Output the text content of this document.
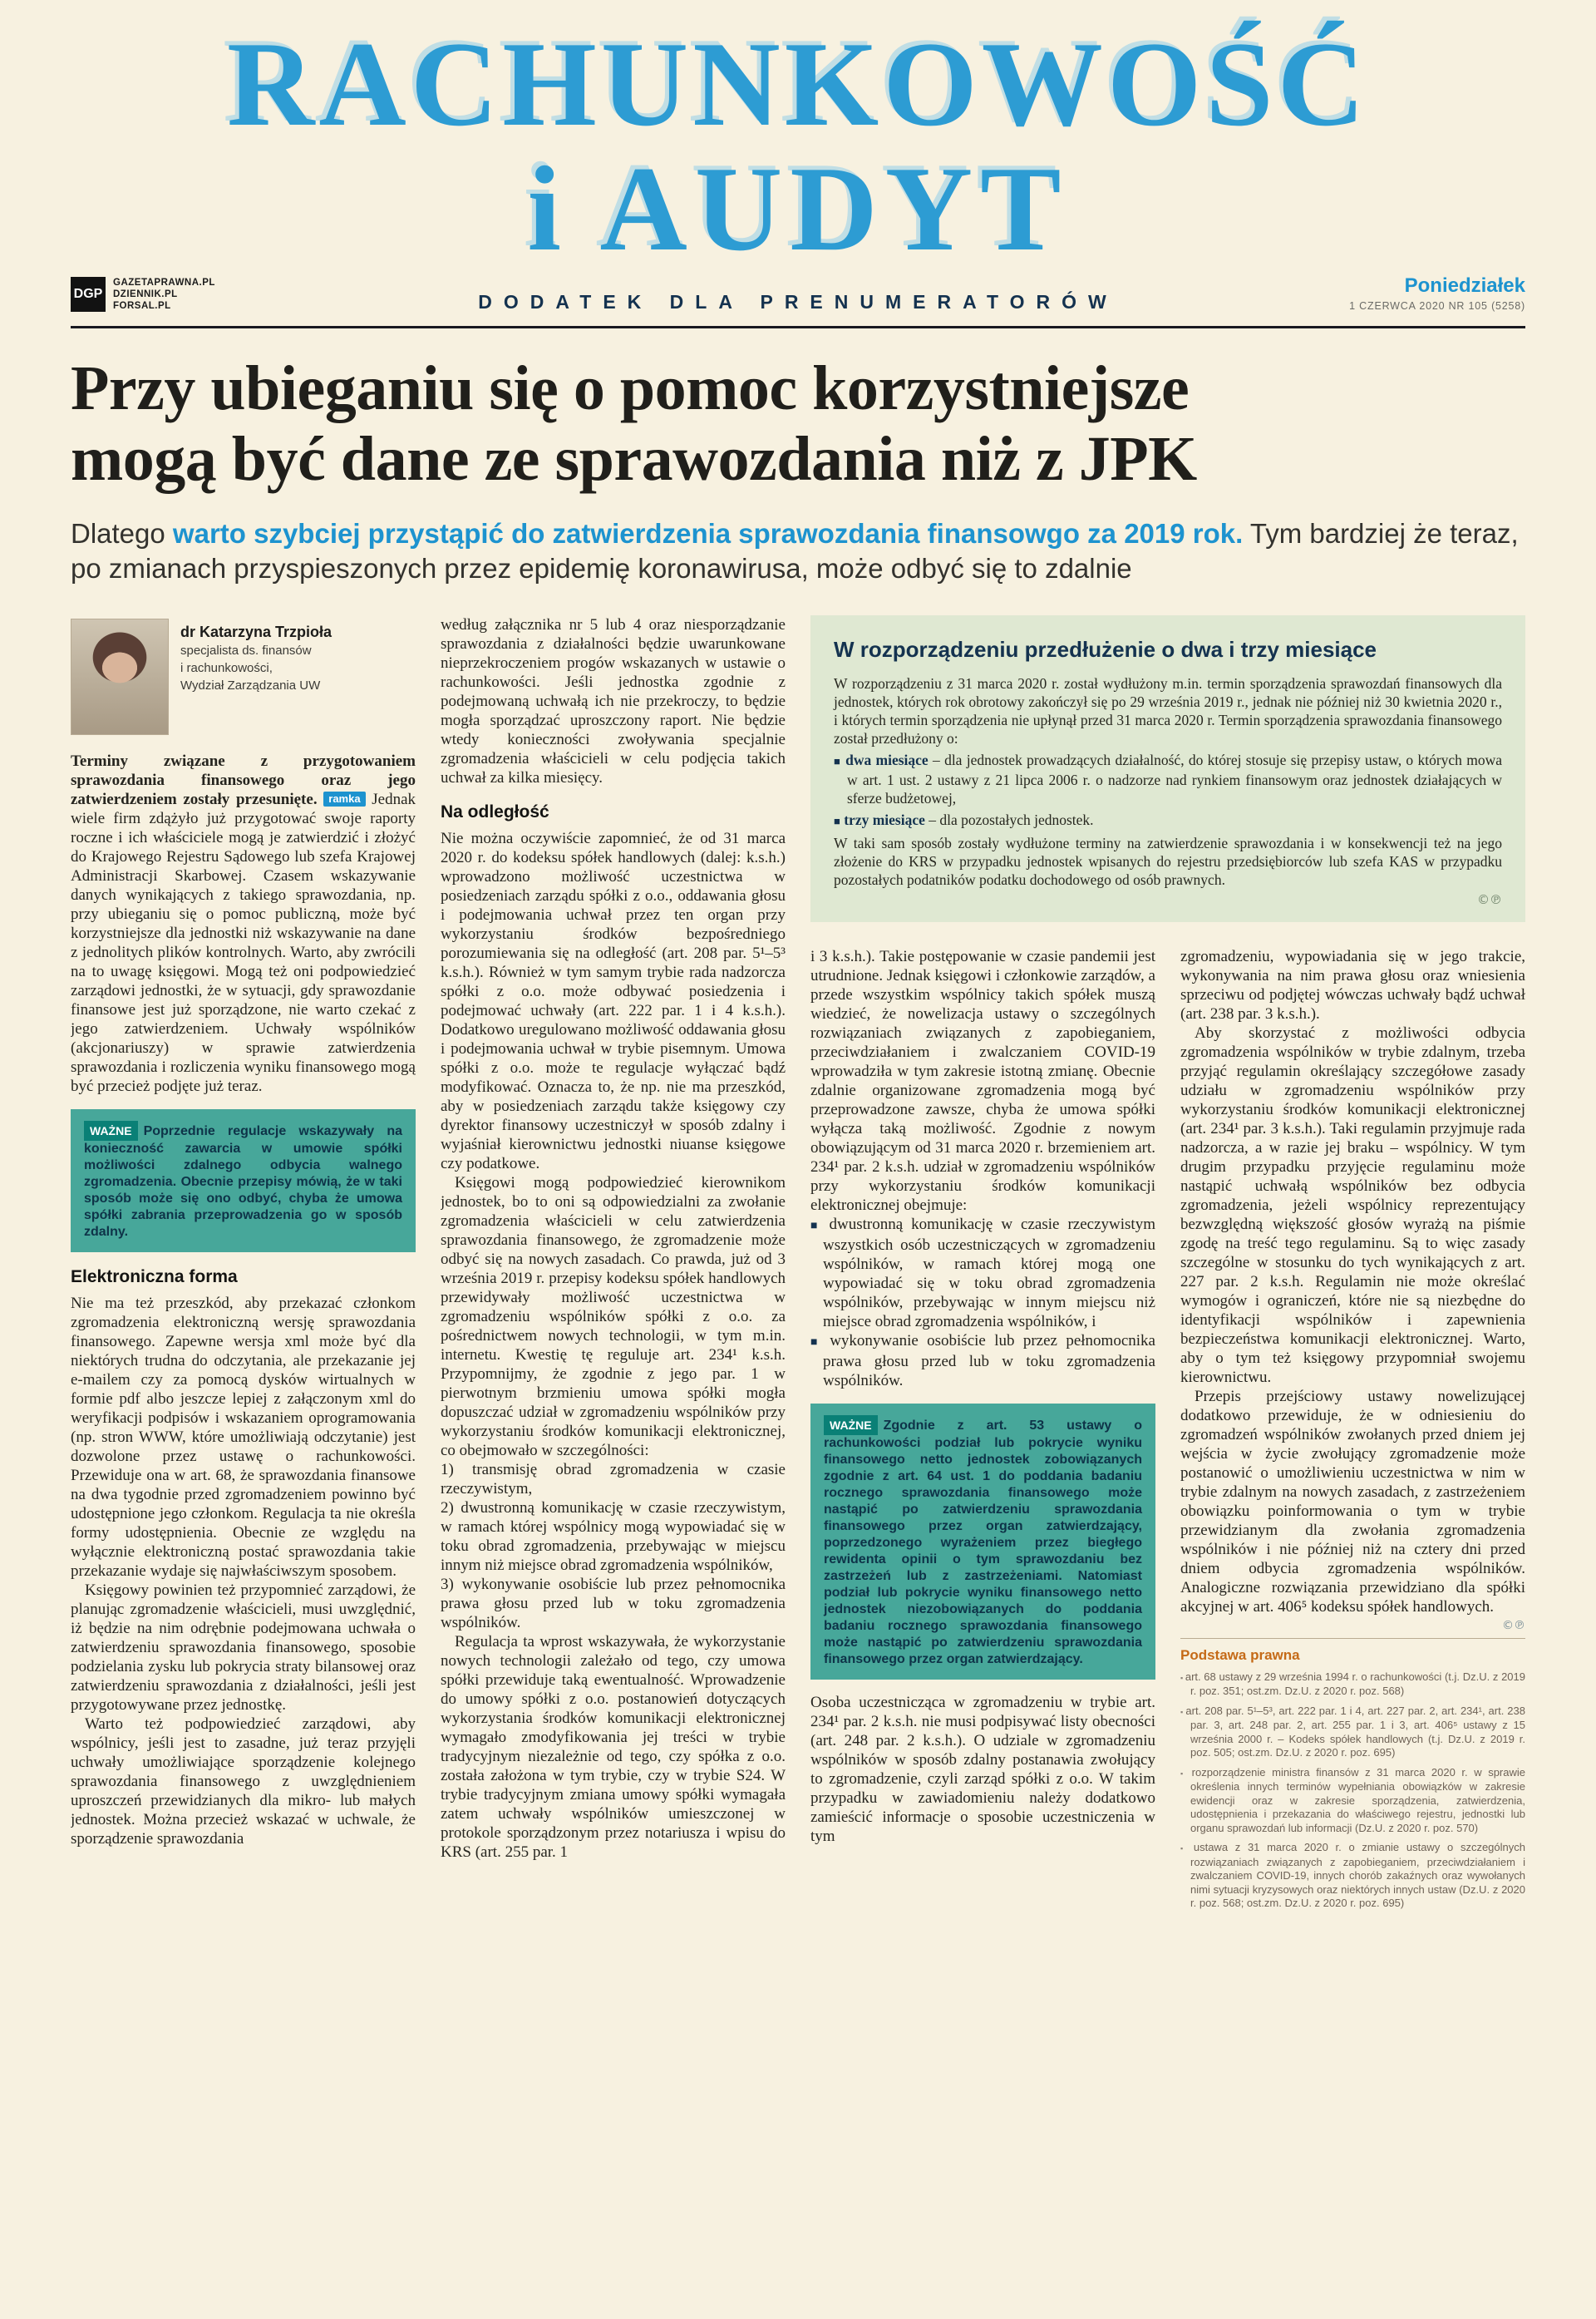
RACHUNKOWOŚĆ
i AUDYT
DODATEK DLA PRENUMERATORÓW
DGP
GAZETAPRAWNA.PL
DZIENNIK.PL
FORSAL.PL
Poniedziałek
1 CZERWCA 2020 NR 105 (5258)
Przy ubieganiu się o pomoc korzystniejsze
mogą być dane ze sprawozdania niż z JPK

Dlatego warto szybciej przystąpić do zatwierdzenia sprawozdania finansowgo za 2019 rok. Tym bardziej że teraz, po zmianach przyspieszonych przez epidemię koronawirusa, może odbyć się to zdalnie

dr Katarzyna Trzpioła
specjalista ds. finansów
i rachunkowości,
Wydział Zarządzania UW

Terminy związane z przygotowaniem sprawozdania finansowego oraz jego zatwierdzeniem zostały przesunięte. ramka Jednak wiele firm zdążyło już przygotować swoje raporty roczne i ich właściciele mogą je zatwierdzić i złożyć do Krajowego Rejestru Sądowego lub szefa Krajowej Administracji Skarbowej. Czasem wskazywanie danych wynikających z takiego sprawozdania, np. przy ubieganiu się o pomoc publiczną, może być korzystniejsze dla jednostki niż wskazywanie na dane z jednolitych plików kontrolnych. Warto, aby zwrócili na to uwagę księgowi. Mogą też oni podpowiedzieć zarządowi jednostki, że w sytuacji, gdy sprawozdanie finansowe jest już sporządzone, nie warto czekać z jego zatwierdzeniem. Uchwały wspólników (akcjonariuszy) w sprawie zatwierdzenia sprawozdania i rozliczenia wyniku finansowego mogą być przecież podjęte już teraz.

WAŻNE Poprzednie regulacje wskazywały na konieczność zawarcia w umowie spółki możliwości zdalnego odbycia walnego zgromadzenia. Obecnie przepisy mówią, że w taki sposób może się ono odbyć, chyba że umowa spółki zabrania przeprowadzenia go w sposób zdalny.
Elektroniczna forma

Nie ma też przeszkód, aby przekazać członkom zgromadzenia elektroniczną wersję sprawozdania finansowego. Zapewne wersja xml może być dla niektórych trudna do odczytania, ale przekazanie jej e-mailem czy za pomocą dysków wirtualnych w formie pdf albo jeszcze lepiej z załączonym xml do weryfikacji podpisów i wskazaniem oprogramowania (np. stron WWW, które umożliwiają odczytanie) jest dozwolone przez ustawę o rachunkowości. Przewiduje ona w art. 68, że sprawozdania finansowe na dwa tygodnie przed zgromadzeniem powinno być udostępnione jego członkom. Regulacja ta nie określa formy udostępnienia. Obecnie ze względu na wyłącznie elektroniczną postać sprawozdania takie przekazanie wydaje się najwłaściwszym sposobem.

Księgowy powinien też przypomnieć zarządowi, że planując zgromadzenie właścicieli, musi uwzględnić, iż będzie na nim odrębnie podejmowana uchwała o zatwierdzeniu sprawozdania finansowego, sposobie podzielania zysku lub pokrycia straty bilansowej oraz zatwierdzeniu sprawozdania z działalności, jeśli jest przygotowywane przez jednostkę.

Warto też podpowiedzieć zarządowi, aby wspólnicy, jeśli jest to zasadne, już teraz przyjęli uchwały umożliwiające sporządzenie kolejnego sprawozdania finansowego z uwzględnieniem uproszczeń przewidzianych dla mikro- lub małych jednostek. Można przecież wskazać w uchwale, że sporządzenie sprawozdania

według załącznika nr 5 lub 4 oraz niesporządzanie sprawozdania z działalności będzie uwarunkowane nieprzekroczeniem progów wskazanych w ustawie o rachunkowości. Jeśli jednostka zgodnie z podejmowaną uchwałą ich nie przekroczy, to będzie mogła sporządzać uproszczony raport. Nie będzie wtedy konieczności zwoływania specjalnie zgromadzenia właścicieli w celu podjęcia takich uchwał za kilka miesięcy.

Na odległość

Nie można oczywiście zapomnieć, że od 31 marca 2020 r. do kodeksu spółek handlowych (dalej: k.s.h.) wprowadzono możliwość uczestnictwa w posiedzeniach zarządu spółki z o.o., oddawania głosu i podejmowania uchwał przez ten organ przy wykorzystaniu środków bezpośredniego porozumiewania się na odległość (art. 208 par. 5¹–5³ k.s.h.). Również w tym samym trybie rada nadzorcza spółki z o.o. może odbywać posiedzenia i podejmować uchwały (art. 222 par. 1 i 4 k.s.h.). Dodatkowo uregulowano możliwość oddawania głosu i podejmowania uchwał w trybie pisemnym. Umowa spółki z o.o. może te regulacje wyłączać bądź modyfikować. Oznacza to, że np. nie ma przeszkód, aby w posiedzeniach zarządu także księgowy czy dyrektor finansowy uczestniczył w sposób zdalny i wyjaśniał kierownictwu jednostki niuanse księgowe czy podatkowe.

Księgowi mogą podpowiedzieć kierownikom jednostek, bo to oni są odpowiedzialni za zwołanie zgromadzenia właścicieli w celu zatwierdzenia sprawozdania finansowego, że zgromadzenie może odbyć się na nowych zasadach. Co prawda, już od 3 września 2019 r. przepisy kodeksu spółek handlowych przewidywały możliwość uczestnictwa w zgromadzeniu wspólników spółki z o.o. za pośrednictwem nowych technologii, w tym m.in. internetu. Kwestię tę reguluje art. 234¹ k.s.h. Przypomnijmy, że zgodnie z jego par. 1 w pierwotnym brzmieniu umowa spółki mogła dopuszczać udział w zgromadzeniu wspólników przy wykorzystaniu środków komunikacji elektronicznej, co obejmowało w szczególności:

1) transmisję obrad zgromadzenia w czasie rzeczywistym,

2) dwustronną komunikację w czasie rzeczywistym, w ramach której wspólnicy mogą wypowiadać się w toku obrad zgromadzenia, przebywając w miejscu innym niż miejsce obrad zgromadzenia wspólników,

3) wykonywanie osobiście lub przez pełnomocnika prawa głosu przed lub w toku zgromadzenia wspólników.

Regulacja ta wprost wskazywała, że wykorzystanie nowych technologii zależało od tego, czy umowa spółki przewiduje taką ewentualność. Wprowadzenie do umowy spółki z o.o. postanowień dotyczących wykorzystania środków komunikacji elektronicznej wymagało zmodyfikowania jej treści w trybie tradycyjnym niezależnie od tego, czy spółka z o.o. została założona w tym trybie, czy w trybie S24. W trybie tradycyjnym zmiana umowy spółki wymagała zatem uchwały wspólników umieszczonej w protokole sporządzonym przez notariusza i wpisu do KRS (art. 255 par. 1

W rozporządzeniu przedłużenie o dwa i trzy miesiące

W rozporządzeniu z 31 marca 2020 r. został wydłużony m.in. termin sporządzenia sprawozdań finansowych dla jednostek, których rok obrotowy zakończył się po 29 września 2019 r., jednak nie później niż 30 kwietnia 2020 r., i których termin sporządzenia nie upłynął przed 31 marca 2020 r. Termin sporządzenia sprawozdania finansowego został przedłużony o:

■ dwa miesiące – dla jednostek prowadzących działalność, do której stosuje się przepisy ustaw, o których mowa w art. 1 ust. 2 ustawy z 21 lipca 2006 r. o nadzorze nad rynkiem finansowym oraz jednostek działających w sferze budżetowej,

■ trzy miesiące – dla pozostałych jednostek.

W taki sam sposób zostały wydłużone terminy na zatwierdzenie sprawozdania i w konsekwencji też na jego złożenie do KRS w przypadku jednostek wpisanych do rejestru przedsiębiorców lub szefa KAS w przypadku pozostałych podatników podatku dochodowego od osób prawnych.

©℗

i 3 k.s.h.). Takie postępowanie w czasie pandemii jest utrudnione. Jednak księgowi i członkowie zarządów, a przede wszystkim wspólnicy takich spółek muszą wiedzieć, że nowelizacja ustawy o szczególnych rozwiązaniach związanych z zapobieganiem, przeciwdziałaniem i zwalczaniem COVID-19 wprowadziła w tym zakresie istotną zmianę. Obecnie zdalnie organizowane zgromadzenia mogą być przeprowadzone zawsze, chyba że umowa spółki wyłącza taką możliwość. Zgodnie z nowym obowiązującym od 31 marca 2020 r. brzemieniem art. 234¹ par. 2 k.s.h. udział w zgromadzeniu wspólników przy wykorzystaniu środków komunikacji elektronicznej obejmuje:

■ dwustronną komunikację w czasie rzeczywistym wszystkich osób uczestniczących w zgromadzeniu wspólników, w ramach której mogą one wypowiadać się w toku obrad zgromadzenia wspólników, przebywając w innym miejscu niż miejsce obrad zgromadzenia wspólników, i

■ wykonywanie osobiście lub przez pełnomocnika prawa głosu przed lub w toku zgromadzenia wspólników.

WAŻNE Zgodnie z art. 53 ustawy o rachunkowości podział lub pokrycie wyniku finansowego netto jednostek zobowiązanych zgodnie z art. 64 ust. 1 do poddania badaniu rocznego sprawozdania finansowego może nastąpić po zatwierdzeniu sprawozdania finansowego przez organ zatwierdzający, poprzedzonego wyrażeniem przez biegłego rewidenta opinii o tym sprawozdaniu bez zastrzeżeń lub z zastrzeżeniami. Natomiast podział lub pokrycie wyniku finansowego netto jednostek niezobowiązanych do poddania badaniu rocznego sprawozdania finansowego może nastąpić po zatwierdzeniu sprawozdania finansowego przez organ zatwierdzający.

Osoba uczestnicząca w zgromadzeniu w trybie art. 234¹ par. 2 k.s.h. nie musi podpisywać listy obecności (art. 248 par. 2 k.s.h.). O udziale w zgromadzeniu wspólników w sposób zdalny postanawia zwołujący to zgromadzenie, czyli zarząd spółki z o.o. W takim przypadku w zawiadomieniu należy dodatkowo zamieścić informacje o sposobie uczestniczenia w tym

zgromadzeniu, wypowiadania się w jego trakcie, wykonywania na nim prawa głosu oraz wniesienia sprzeciwu od podjętej wówczas uchwały bądź uchwał (art. 238 par. 3 k.s.h.).

Aby skorzystać z możliwości odbycia zgromadzenia wspólników w trybie zdalnym, trzeba przyjąć regulamin określający szczegółowe zasady udziału w zgromadzeniu wspólników przy wykorzystaniu środków komunikacji elektronicznej (art. 234¹ par. 3 k.s.h.). Taki regulamin przyjmuje rada nadzorcza, a w razie jej braku – wspólnicy. W tym drugim przypadku przyjęcie regulaminu może nastąpić uchwałą wspólników bez odbycia zgromadzenia, jeżeli wspólnicy reprezentujący bezwzględną większość głosów wyrażą na piśmie zgodę na treść tego regulaminu. Są to więc zasady szczególne w stosunku do tych wynikających z art. 227 par. 2 k.s.h. Regulamin nie może określać wymogów i ograniczeń, które nie są niezbędne do identyfikacji wspólników i zapewnienia bezpieczeństwa komunikacji elektronicznej. Warto, aby o tym też księgowy przypomniał swojemu kierownictwu.

Przepis przejściowy ustawy nowelizującej dodatkowo przewiduje, że w odniesieniu do zgromadzeń wspólników zwołanych przed dniem jej wejścia w życie zwołujący zgromadzenie może postanowić o umożliwieniu uczestnictwa w nim w trybie zdalnym na nowych zasadach, z zastrzeżeniem obowiązku poinformowania o tym w trybie przewidzianym dla zwołania zgromadzenia wspólników i nie później niż na cztery dni przed dniem odbycia zgromadzenia wspólników. Analogiczne rozwiązania przewidziano dla spółki akcyjnej w art. 406⁵ kodeksu spółek handlowych.
©℗

Podstawa prawna

▪ art. 68 ustawy z 29 września 1994 r. o rachunkowości (t.j. Dz.U. z 2019 r. poz. 351; ost.zm. Dz.U. z 2020 r. poz. 568)

▪ art. 208 par. 5¹–5³, art. 222 par. 1 i 4, art. 227 par. 2, art. 234¹, art. 238 par. 3, art. 248 par. 2, art. 255 par. 1 i 3, art. 406⁵ ustawy z 15 września 2000 r. – Kodeks spółek handlowych (t.j. Dz.U. z 2019 r. poz. 505; ost.zm. Dz.U. z 2020 r. poz. 695)

▪ rozporządzenie ministra finansów z 31 marca 2020 r. w sprawie określenia innych terminów wypełniania obowiązków w zakresie ewidencji oraz w zakresie sporządzenia, zatwierdzenia, udostępnienia i przekazania do właściwego rejestru, jednostki lub organu sprawozdań lub informacji (Dz.U. z 2020 r. poz. 570)

▪ ustawa z 31 marca 2020 r. o zmianie ustawy o szczególnych rozwiązaniach związanych z zapobieganiem, przeciwdziałaniem i zwalczaniem COVID-19, innych chorób zakaźnych oraz wywołanych nimi sytuacji kryzysowych oraz niektórych innych ustaw (Dz.U. z 2020 r. poz. 568; ost.zm. Dz.U. z 2020 r. poz. 695)
